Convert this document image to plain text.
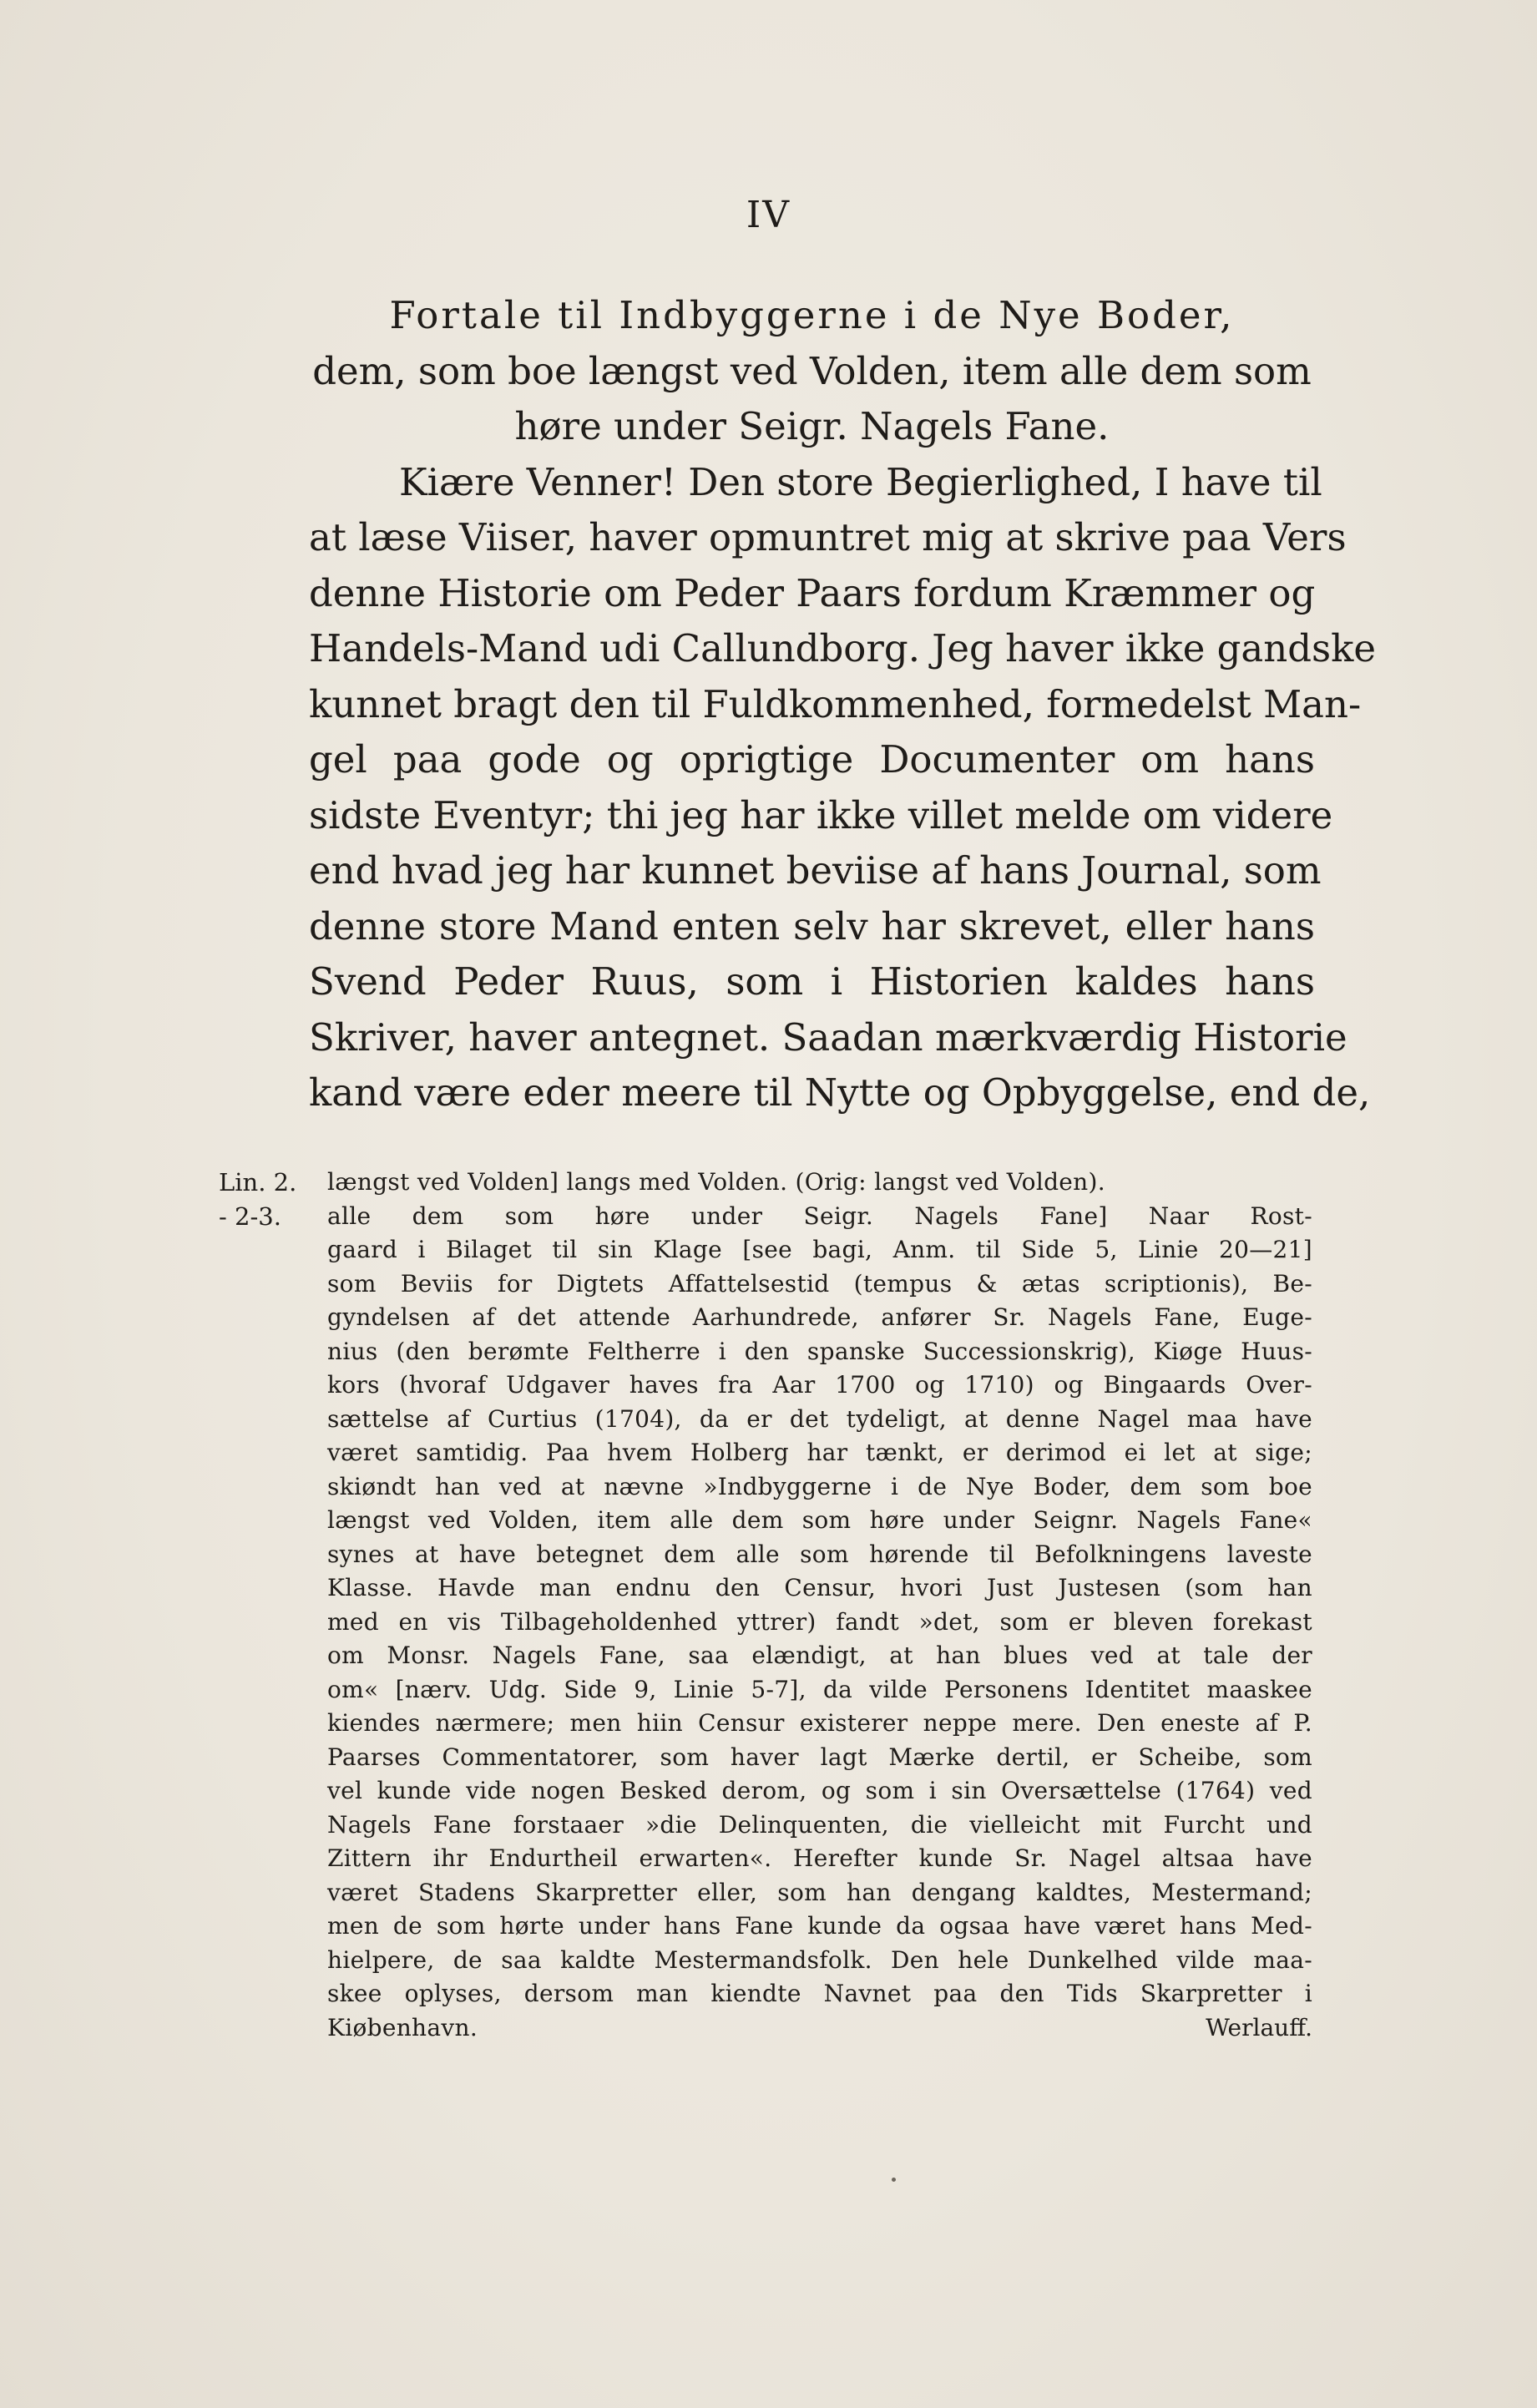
IV
Fortale til Indbyggerne i de Nye Boder,
dem, som boe længst ved Volden, item alle dem som
høre under Seigr. Nagels Fane.
Kiære Venner! Den store Begierlighed, I have til
at læse Viiser, haver opmuntret mig at skrive paa Vers
denne Historie om Peder Paars fordum Kræmmer og
Handels-Mand udi Callundborg. Jeg haver ikke gandske
kunnet bragt den til Fuldkommenhed, formedelst Man-
gel paa gode og oprigtige Documenter om hans
sidste Eventyr; thi jeg har ikke villet melde om videre
end hvad jeg har kunnet beviise af hans Journal, som
denne store Mand enten selv har skrevet, eller hans
Svend Peder Ruus, som i Historien kaldes hans
Skriver, haver antegnet. Saadan mærkværdig Historie
kand være eder meere til Nytte og Opbyggelse, end de,
Lin. 2.	længst ved Volden] langs med Volden. (Orig: langst ved Volden).
- 2-3.	alle dem som høre under Seigr. Nagels Fane] Naar Rost-
gaard i Bilaget til sin Klage [see bagi, Anm. til Side 5, Linie 20—21]
som Beviis for Digtets Affattelsestid (tempus & ætas scriptionis), Be-
gyndelsen af det attende Aarhundrede, anfører Sr. Nagels Fane, Euge-
nius (den berømte Feltherre i den spanske Successionskrig), Kiøge Huus-
kors (hvoraf Udgaver haves fra Aar 1700 og 1710) og Bingaards Over-
sættelse af Curtius (1704), da er det tydeligt, at denne Nagel maa have
været samtidig. Paa hvem Holberg har tænkt, er derimod ei let at sige;
skiøndt han ved at nævne »Indbyggerne i de Nye Boder, dem som boe
længst ved Volden, item alle dem som høre under Seignr. Nagels Fane«
synes at have betegnet dem alle som hørende til Befolkningens laveste
Klasse. Havde man endnu den Censur, hvori Just Justesen (som han
med en vis Tilbageholdenhed yttrer) fandt »det, som er bleven forekast
om Monsr. Nagels Fane, saa elændigt, at han blues ved at tale der
om« [nærv. Udg. Side 9, Linie 5-7], da vilde Personens Identitet maaskee
kiendes nærmere; men hiin Censur existerer neppe mere. Den eneste af P.
Paarses Commentatorer, som haver lagt Mærke dertil, er Scheibe, som
vel kunde vide nogen Besked derom, og som i sin Oversættelse (1764) ved
Nagels Fane forstaaer »die Delinquenten, die vielleicht mit Furcht und
Zittern ihr Endurtheil erwarten«. Herefter kunde Sr. Nagel altsaa have
været Stadens Skarpretter eller, som han dengang kaldtes, Mestermand;
men de som hørte under hans Fane kunde da ogsaa have været hans Med-
hielpere, de saa kaldte Mestermandsfolk. Den hele Dunkelhed vilde maa-
skee oplyses, dersom man kiendte Navnet paa den Tids Skarpretter i
Kiøbenhavn.	Werlauff.
